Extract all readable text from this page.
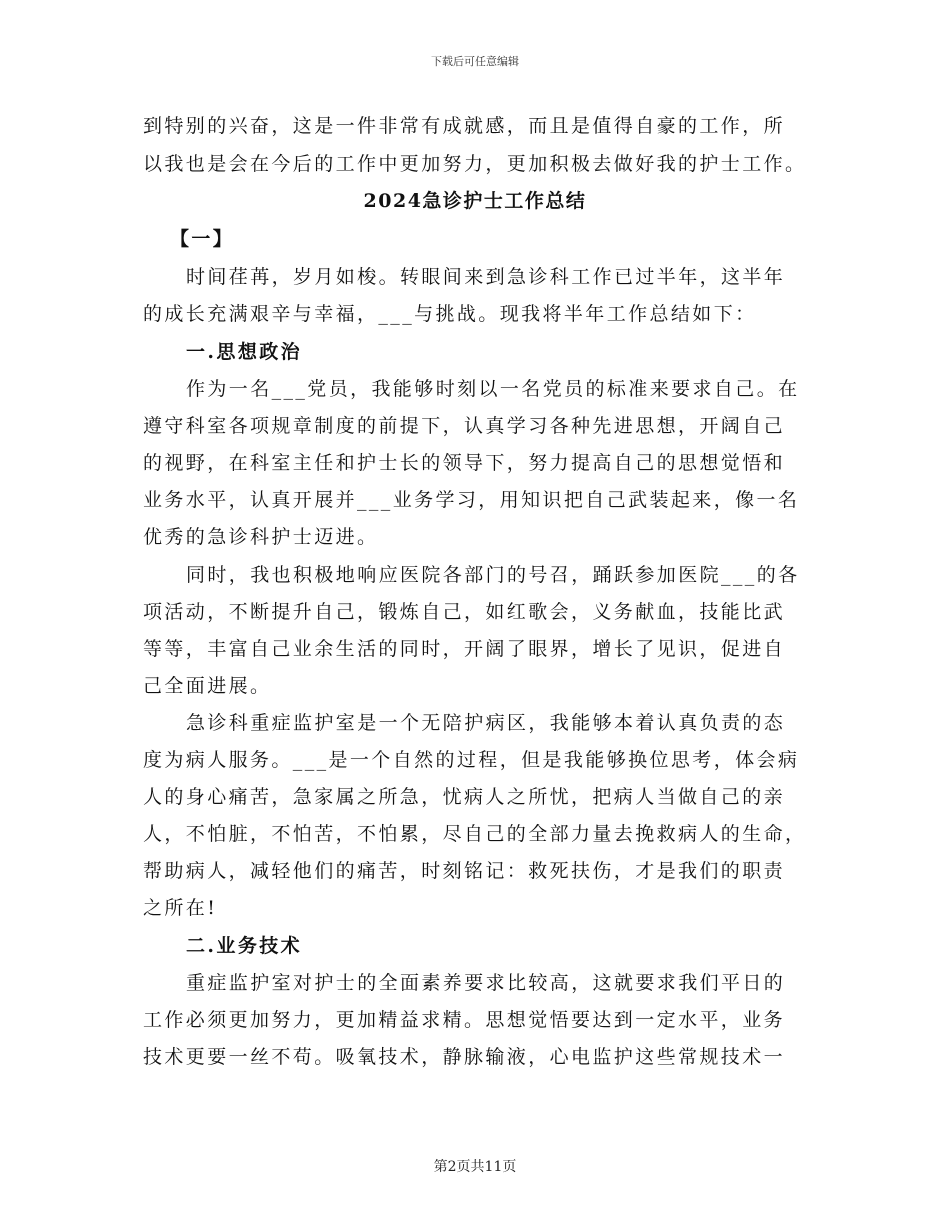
下载后可任意编辑
到特别的兴奋，这是一件非常有成就感，而且是值得自豪的工作，所
以我也是会在今后的工作中更加努力，更加积极去做好我的护士工作。
2024急诊护士工作总结
【一】
时间荏苒，岁月如梭。转眼间来到急诊科工作已过半年，这半年
的成长充满艰辛与幸福，___与挑战。现我将半年工作总结如下：
一.思想政治
作为一名___党员，我能够时刻以一名党员的标准来要求自己。在
遵守科室各项规章制度的前提下，认真学习各种先进思想，开阔自己
的视野，在科室主任和护士长的领导下，努力提高自己的思想觉悟和
业务水平，认真开展并___业务学习，用知识把自己武装起来，像一名
优秀的急诊科护士迈进。
同时，我也积极地响应医院各部门的号召，踊跃参加医院___的各
项活动，不断提升自己，锻炼自己，如红歌会，义务献血，技能比武
等等，丰富自己业余生活的同时，开阔了眼界，增长了见识，促进自
己全面进展。
急诊科重症监护室是一个无陪护病区，我能够本着认真负责的态
度为病人服务。___是一个自然的过程，但是我能够换位思考，体会病
人的身心痛苦，急家属之所急，忧病人之所忧，把病人当做自己的亲
人，不怕脏，不怕苦，不怕累，尽自己的全部力量去挽救病人的生命，
帮助病人，减轻他们的痛苦，时刻铭记：救死扶伤，才是我们的职责
之所在!
二.业务技术
重症监护室对护士的全面素养要求比较高，这就要求我们平日的
工作必须更加努力，更加精益求精。思想觉悟要达到一定水平，业务
技术更要一丝不苟。吸氧技术，静脉输液，心电监护这些常规技术一
第2页共11页
